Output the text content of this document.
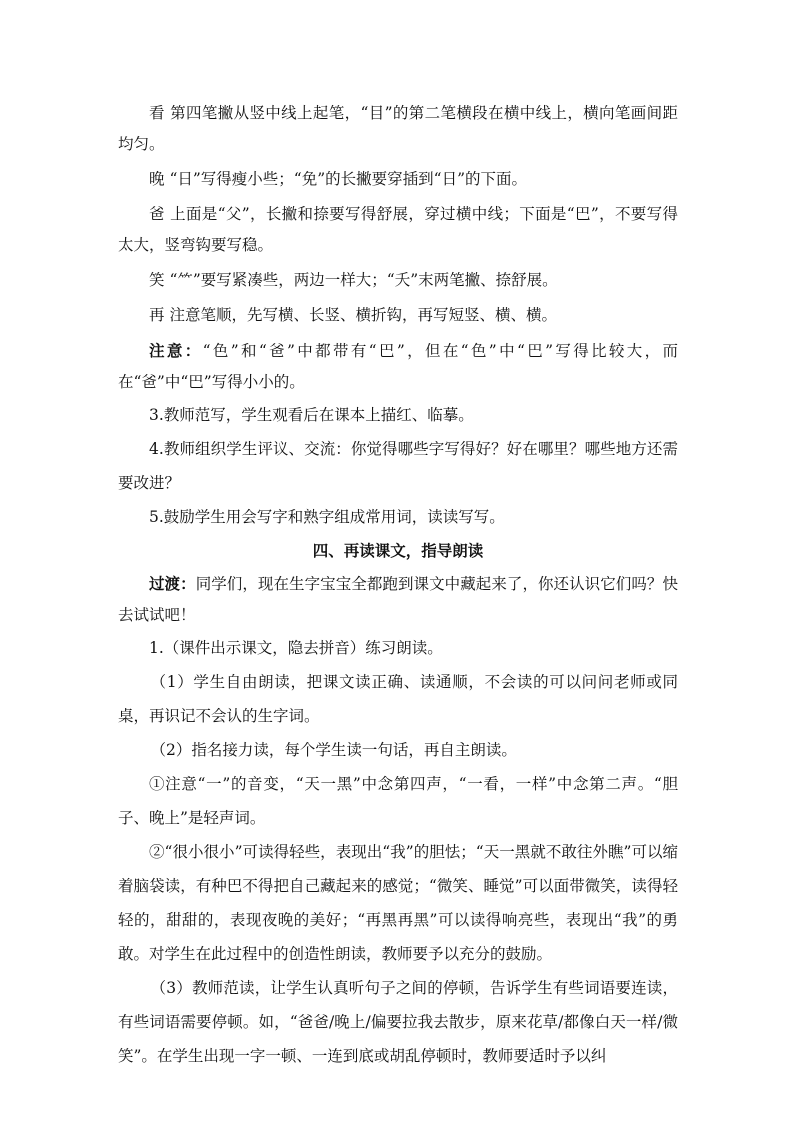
看 第四笔撇从竖中线上起笔，“目”的第二笔横段在横中线上，横向笔画间距均匀。

晚 “日”写得瘦小些；“免”的长撇要穿插到“日”的下面。

爸 上面是“父”，长撇和捺要写得舒展，穿过横中线；下面是“巴”，不要写得太大，竖弯钩要写稳。

笑 “⺮”要写紧凑些，两边一样大；“夭”末两笔撇、捺舒展。

再 注意笔顺，先写横、长竖、横折钩，再写短竖、横、横。

注意：“色”和“爸”中都带有“巴”，但在“色”中“巴”写得比较大，而在“爸”中“巴”写得小小的。

3.教师范写，学生观看后在课本上描红、临摹。

4.教师组织学生评议、交流：你觉得哪些字写得好？好在哪里？哪些地方还需要改进？

5.鼓励学生用会写字和熟字组成常用词，读读写写。

四、再读课文，指导朗读

过渡：同学们，现在生字宝宝全都跑到课文中藏起来了，你还认识它们吗？快去试试吧！

1.（课件出示课文，隐去拼音）练习朗读。

（1）学生自由朗读，把课文读正确、读通顺，不会读的可以问问老师或同桌，再识记不会认的生字词。

（2）指名接力读，每个学生读一句话，再自主朗读。

①注意“一”的音变，“天一黑”中念第四声，“一看，一样”中念第二声。“胆子、晚上”是轻声词。

②“很小很小”可读得轻些，表现出“我”的胆怯；“天一黑就不敢往外瞧”可以缩着脑袋读，有种巴不得把自己藏起来的感觉；“微笑、睡觉”可以面带微笑，读得轻轻的，甜甜的，表现夜晚的美好；“再黑再黑”可以读得响亮些，表现出“我”的勇敢。对学生在此过程中的创造性朗读，教师要予以充分的鼓励。

（3）教师范读，让学生认真听句子之间的停顿，告诉学生有些词语要连读，有些词语需要停顿。如，“爸爸/晚上/偏要拉我去散步，原来花草/都像白天一样/微笑”。在学生出现一字一顿、一连到底或胡乱停顿时，教师要适时予以纠
